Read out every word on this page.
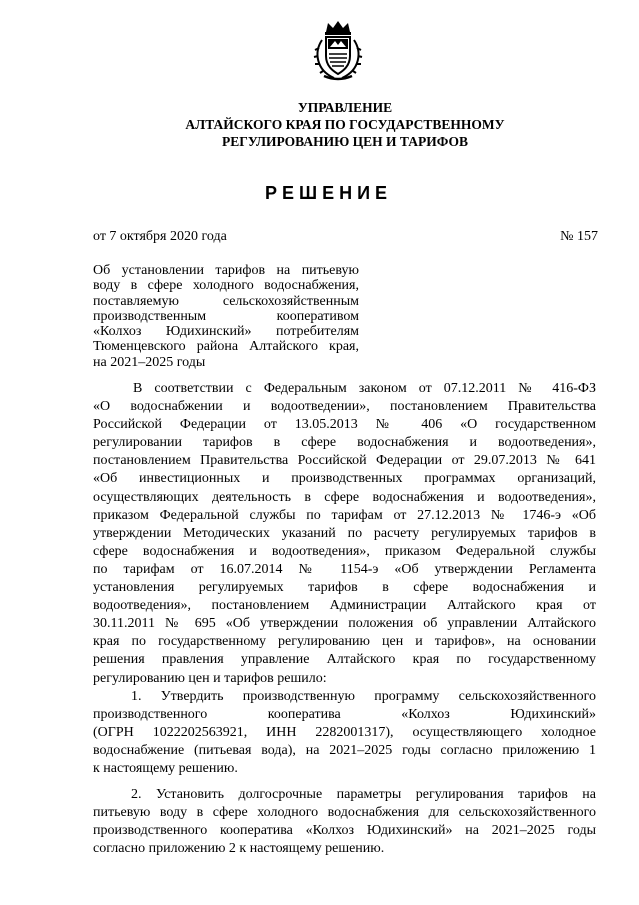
УПРАВЛЕНИЕ
АЛТАЙСКОГО КРАЯ ПО ГОСУДАРСТВЕННОМУ
РЕГУЛИРОВАНИЮ ЦЕН И ТАРИФОВ
РЕШЕНИЕ
от 7 октября 2020 года	№ 157
Об установлении тарифов на питьевую
воду в сфере холодного водоснабжения,
поставляемую сельскохозяйственным
производственным кооперативом
«Колхоз Юдихинский» потребителям
Тюменцевского района Алтайского края,
на 2021–2025 годы
В соответствии с Федеральным законом от 07.12.2011 № 416-ФЗ
«О водоснабжении и водоотведении», постановлением Правительства
Российской Федерации от 13.05.2013 № 406 «О государственном
регулировании тарифов в сфере водоснабжения и водоотведения»,
постановлением Правительства Российской Федерации от 29.07.2013 № 641
«Об инвестиционных и производственных программах организаций,
осуществляющих деятельность в сфере водоснабжения и водоотведения»,
приказом Федеральной службы по тарифам от 27.12.2013 № 1746-э «Об
утверждении Методических указаний по расчету регулируемых тарифов в
сфере водоснабжения и водоотведения», приказом Федеральной службы
по тарифам от 16.07.2014 № 1154-э «Об утверждении Регламента
установления регулируемых тарифов в сфере водоснабжения и
водоотведения», постановлением Администрации Алтайского края от
30.11.2011 № 695 «Об утверждении положения об управлении Алтайского
края по государственному регулированию цен и тарифов», на основании
решения правления управление Алтайского края по государственному
регулированию цен и тарифов решило:
1. Утвердить производственную программу сельскохозяйственного
производственного кооператива «Колхоз Юдихинский»
(ОГРН 1022202563921, ИНН 2282001317), осуществляющего холодное
водоснабжение (питьевая вода), на 2021–2025 годы согласно приложению 1
к настоящему решению.
2. Установить долгосрочные параметры регулирования тарифов на
питьевую воду в сфере холодного водоснабжения для сельскохозяйственного
производственного кооператива «Колхоз Юдихинский» на 2021–2025 годы
согласно приложению 2 к настоящему решению.
